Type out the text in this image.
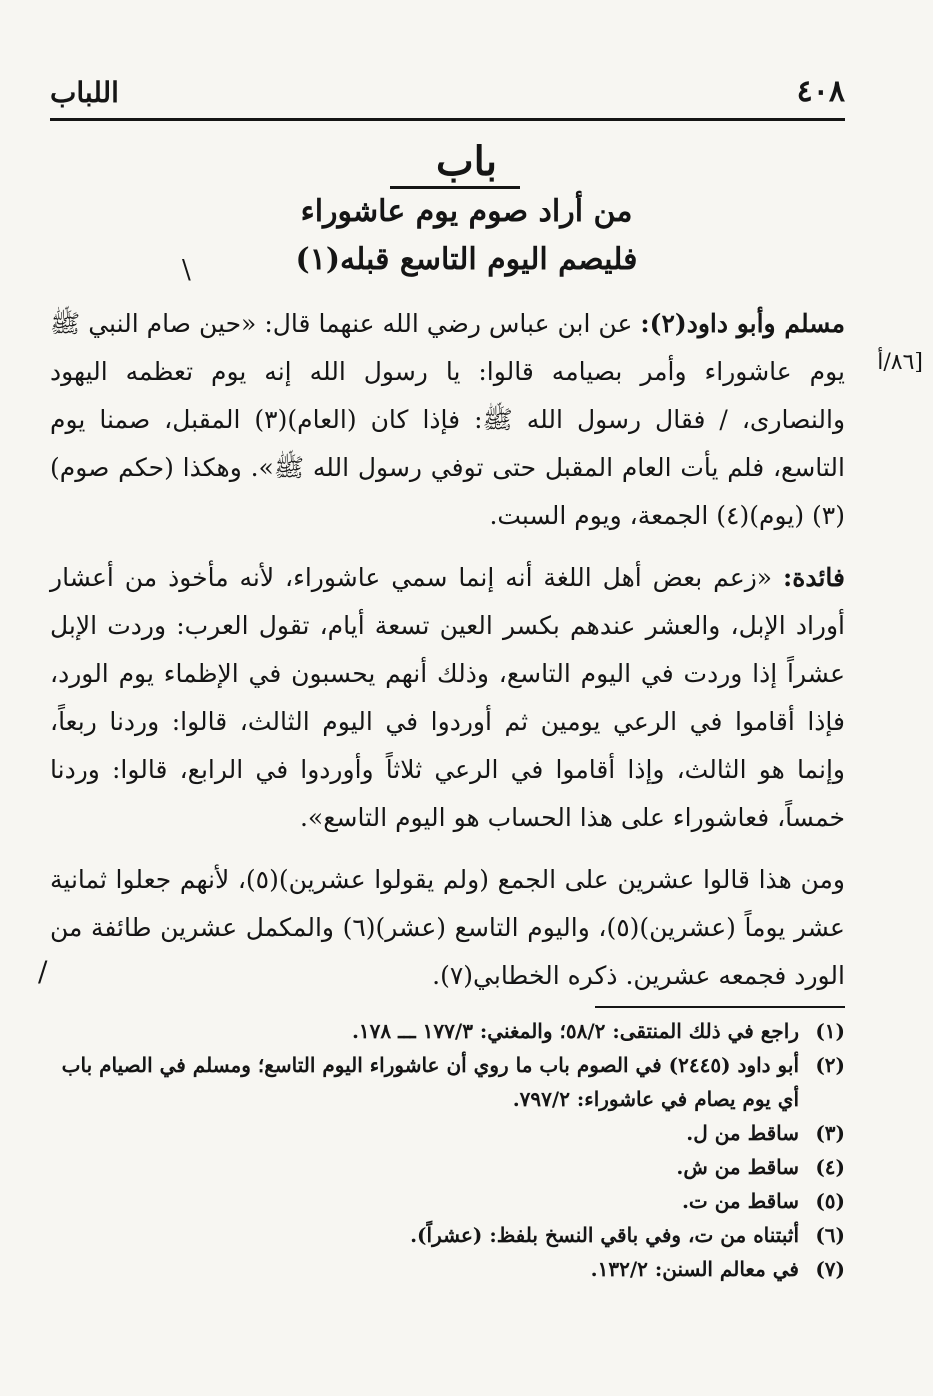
٤٠٨
اللباب
باب
من أراد صوم يوم عاشوراء
فليصم اليوم التاسع قبله(١)
\
٨٦/أ]

مسلم وأبو داود(٢): عن ابن عباس رضي الله عنهما قال: «حين صام النبي ﷺ يوم عاشوراء وأمر بصيامه قالوا: يا رسول الله إنه يوم تعظمه اليهود والنصارى، / فقال رسول الله ﷺ: فإذا كان (العام)(٣) المقبل، صمنا يوم التاسع، فلم يأت العام المقبل حتى توفي رسول الله ﷺ». وهكذا (حكم صوم)(٣) (يوم)(٤) الجمعة، ويوم السبت.

فائدة: «زعم بعض أهل اللغة أنه إنما سمي عاشوراء، لأنه مأخوذ من أعشار أوراد الإبل، والعشر عندهم بكسر العين تسعة أيام، تقول العرب: وردت الإبل عشراً إذا وردت في اليوم التاسع، وذلك أنهم يحسبون في الإظماء يوم الورد، فإذا أقاموا في الرعي يومين ثم أوردوا في اليوم الثالث، قالوا: وردنا ربعاً، وإنما هو الثالث، وإذا أقاموا في الرعي ثلاثاً وأوردوا في الرابع، قالوا: وردنا خمساً، فعاشوراء على هذا الحساب هو اليوم التاسع».

ومن هذا قالوا عشرين على الجمع (ولم يقولوا عشرين)(٥)، لأنهم جعلوا ثمانية عشر يوماً (عشرين)(٥)، واليوم التاسع (عشر)(٦) والمكمل عشرين طائفة من الورد فجمعه عشرين. ذكره الخطابي(٧).

/
(١)
راجع في ذلك المنتقى: ٥٨/٢؛ والمغني: ١٧٧/٣ ـــ ١٧٨.
(٢)
أبو داود (٢٤٤٥) في الصوم باب ما روي أن عاشوراء اليوم التاسع؛ ومسلم في الصيام باب أي يوم يصام في عاشوراء: ٧٩٧/٢.
(٣)
ساقط من ل.
(٤)
ساقط من ش.
(٥)
ساقط من ت.
(٦)
أثبتناه من ت، وفي باقي النسخ بلفظ: (عشراً).
(٧)
في معالم السنن: ١٣٢/٢.
